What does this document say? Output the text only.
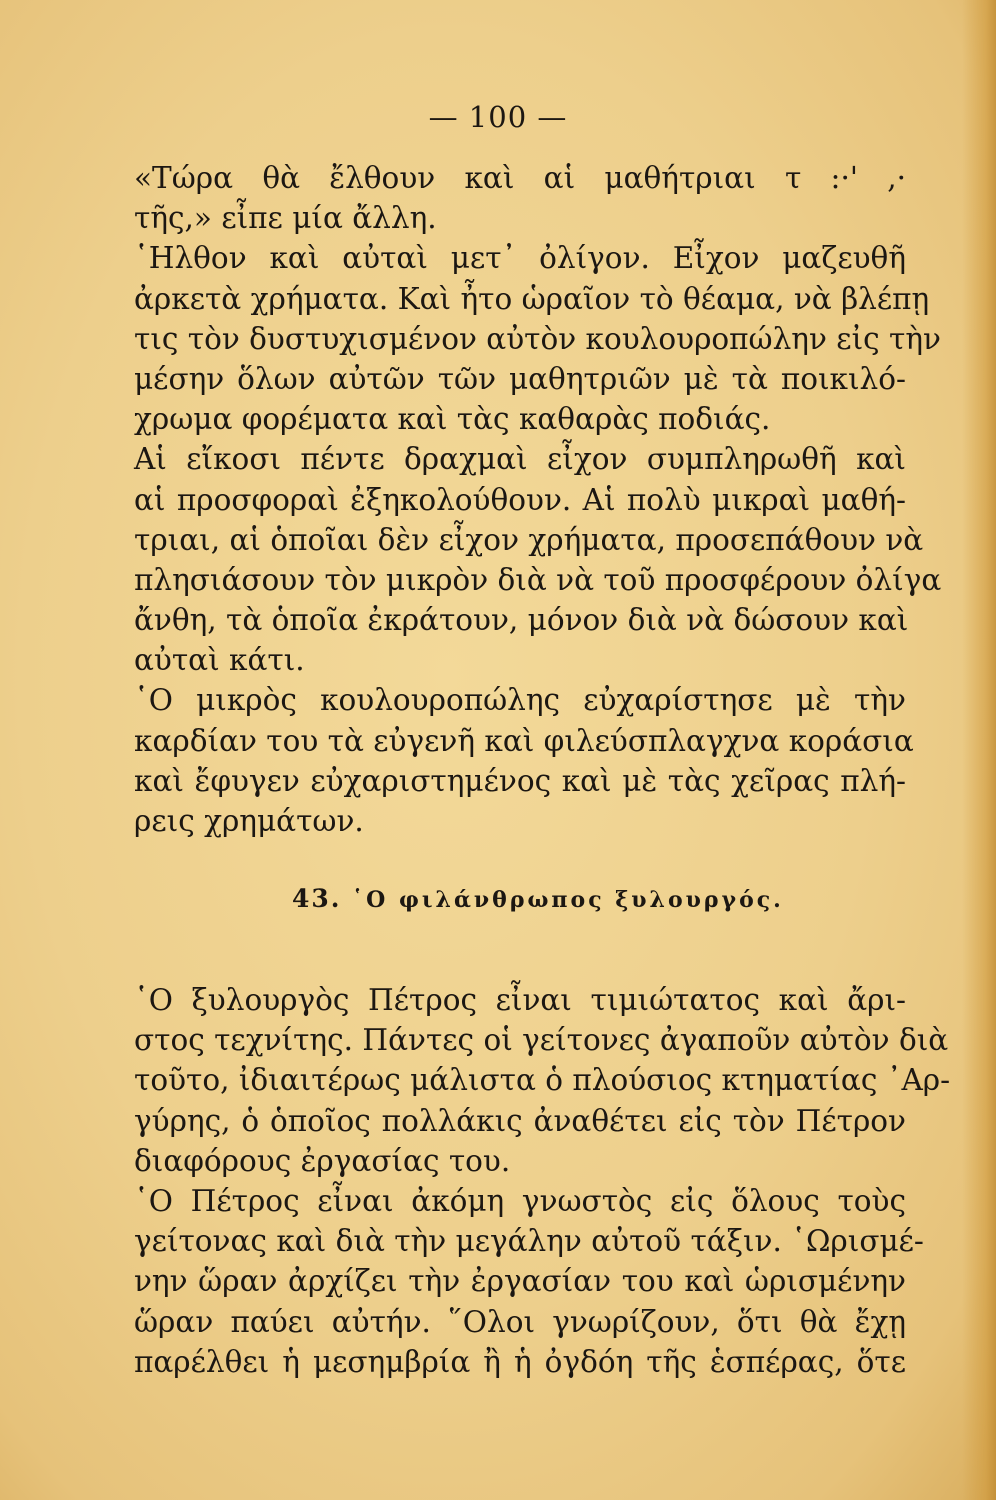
— 100 —
«Τώρα θὰ ἔλθουν καὶ αἱ μαθήτριαι τ :·' ,·
τῆς,» εἶπε μία ἄλλη.
῾Ηλθον καὶ αὐταὶ μετ᾽ ὀλίγον. Εἶχον μαζευθῆ
ἀρκετὰ χρήματα. Καὶ ἦτο ὡραῖον τὸ θέαμα, νὰ βλέπῃ
τις τὸν δυστυχισμένον αὐτὸν κουλουροπώλην εἰς τὴν
μέσην ὅλων αὐτῶν τῶν μαθητριῶν μὲ τὰ ποικιλό-
χρωμα φορέματα καὶ τὰς καθαρὰς ποδιάς.
Αἱ εἴκοσι πέντε δραχμαὶ εἶχον συμπληρωθῆ καὶ
αἱ προσφοραὶ ἐξηκολούθουν. Αἱ πολὺ μικραὶ μαθή-
τριαι, αἱ ὁποῖαι δὲν εἶχον χρήματα, προσεπάθουν νὰ
πλησιάσουν τὸν μικρὸν διὰ νὰ τοῦ προσφέρουν ὀλίγα
ἄνθη, τὰ ὁποῖα ἐκράτουν, μόνον διὰ νὰ δώσουν καὶ
αὐταὶ κάτι.
῾Ο μικρὸς κουλουροπώλης εὐχαρίστησε μὲ τὴν
καρδίαν του τὰ εὐγενῆ καὶ φιλεύσπλαγχνα κοράσια
καὶ ἔφυγεν εὐχαριστημένος καὶ μὲ τὰς χεῖρας πλή-
ρεις χρημάτων.
43. ῾Ο φιλάνθρωπος ξυλουργός.
῾Ο ξυλουργὸς Πέτρος εἶναι τιμιώτατος καὶ ἄρι-
στος τεχνίτης. Πάντες οἱ γείτονες ἀγαποῦν αὐτὸν διὰ
τοῦτο, ἰδιαιτέρως μάλιστα ὁ πλούσιος κτηματίας ᾽Αρ-
γύρης, ὁ ὁποῖος πολλάκις ἀναθέτει εἰς τὸν Πέτρον
διαφόρους ἐργασίας του.
῾Ο Πέτρος εἶναι ἀκόμη γνωστὸς εἰς ὅλους τοὺς
γείτονας καὶ διὰ τὴν μεγάλην αὐτοῦ τάξιν. ῾Ωρισμέ-
νην ὥραν ἀρχίζει τὴν ἐργασίαν του καὶ ὡρισμένην
ὥραν παύει αὐτήν. ῞Ολοι γνωρίζουν, ὅτι θὰ ἔχῃ
παρέλθει ἡ μεσημβρία ἢ ἡ ὀγδόη τῆς ἑσπέρας, ὅτε
